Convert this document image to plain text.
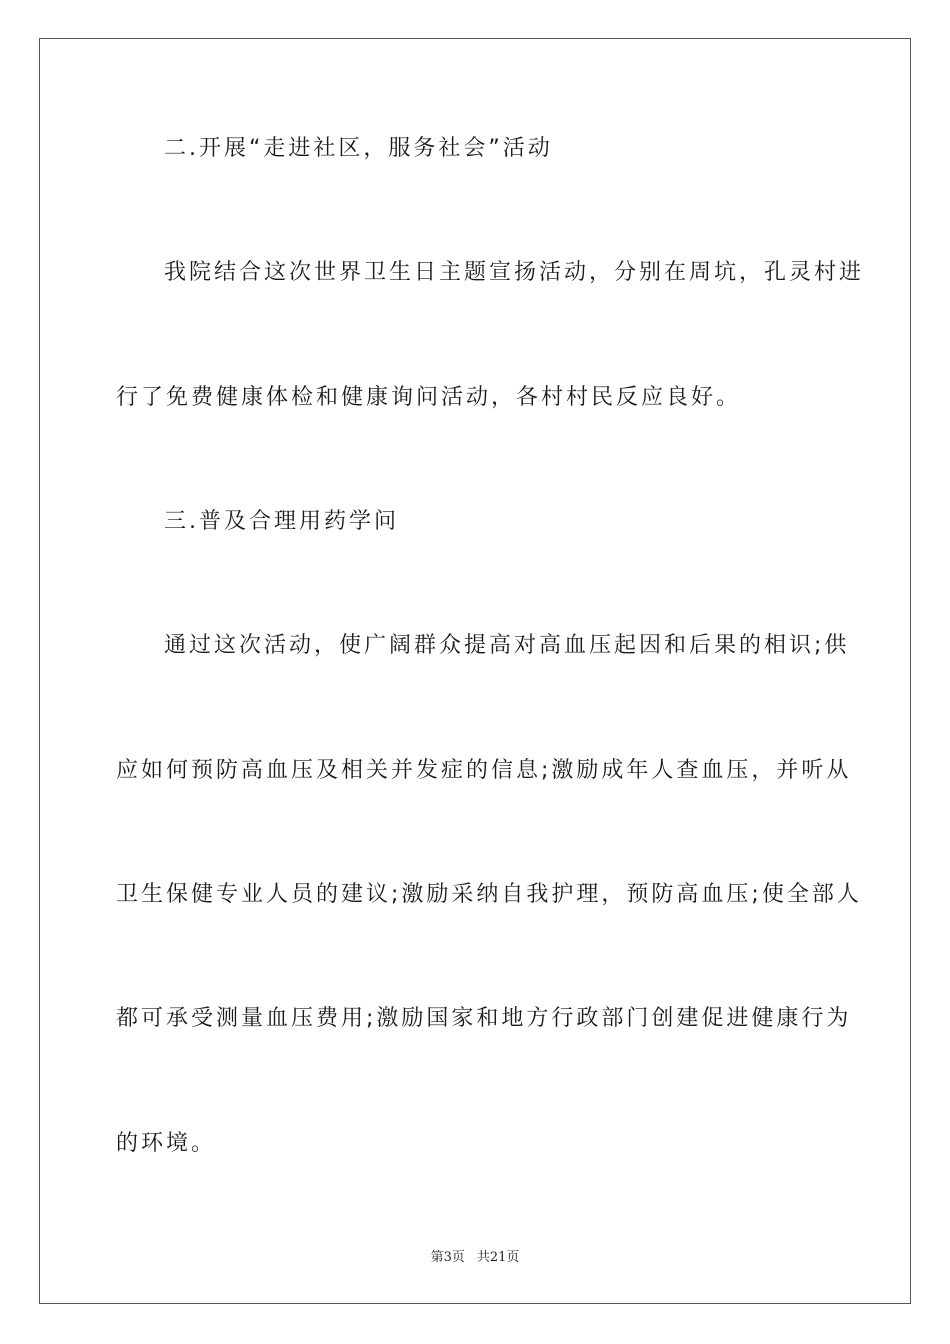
二.开展“走进社区，服务社会”活动

我院结合这次世界卫生日主题宣扬活动，分别在周坑，孔灵村进

行了免费健康体检和健康询问活动，各村村民反应良好。

三.普及合理用药学问

通过这次活动，使广阔群众提高对高血压起因和后果的相识;供

应如何预防高血压及相关并发症的信息;激励成年人查血压，并听从

卫生保健专业人员的建议;激励采纳自我护理，预防高血压;使全部人

都可承受测量血压费用;激励国家和地方行政部门创建促进健康行为

的环境。

第3页 共21页
